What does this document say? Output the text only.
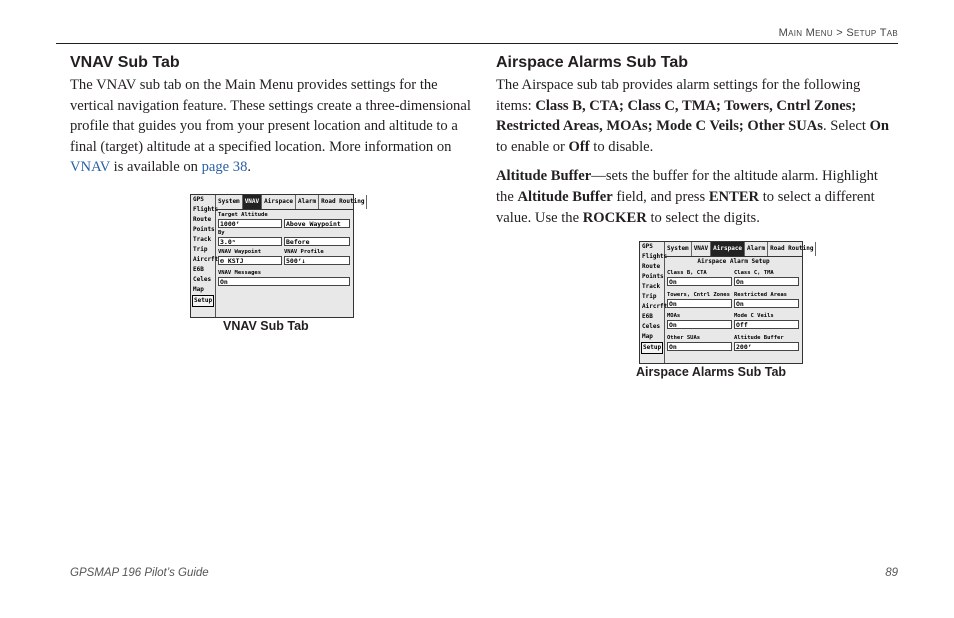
Main Menu > Setup Tab
VNAV Sub Tab

The VNAV sub tab on the Main Menu provides settings for the vertical navigation feature. These settings create a three-dimensional profile that guides you from your present location and altitude to a final (target) altitude at a specified location. More information on VNAV is available on page 38.

GPS
Flights
Route
Points
Track
Trip
Aircrft
E6B
Celes
Map
Setup
System VNAV Airspace Alarm Road Routing
Target Altitude
1000ᶠ	Above Waypoint
By
3.0ⁿ	Before
VNAV Waypoint	VNAV Profile
⊕ KSTJ	500ᶠ↓
VNAV Messages
On
VNAV Sub Tab
Airspace Alarms Sub Tab

The Airspace sub tab provides alarm settings for the following items: Class B, CTA; Class C, TMA; Towers, Cntrl Zones; Restricted Areas, MOAs; Mode C Veils; Other SUAs. Select On to enable or Off to disable.

Altitude Buffer—sets the buffer for the altitude alarm. Highlight the Altitude Buffer field, and press ENTER to select a different value. Use the ROCKER to select the digits.

GPS
Flights
Route
Points
Track
Trip
Aircrft
E6B
Celes
Map
Setup
System VNAV Airspace Alarm Road Routing
Airspace Alarm Setup
Class B, CTA
On
Class C, TMA
On
Towers, Cntrl Zones
On
Restricted Areas
On
MOAs
On
Mode C Veils
Off
Other SUAs
On
Altitude Buffer
200ᶠ
Airspace Alarms Sub Tab
GPSMAP 196 Pilot’s Guide	89
